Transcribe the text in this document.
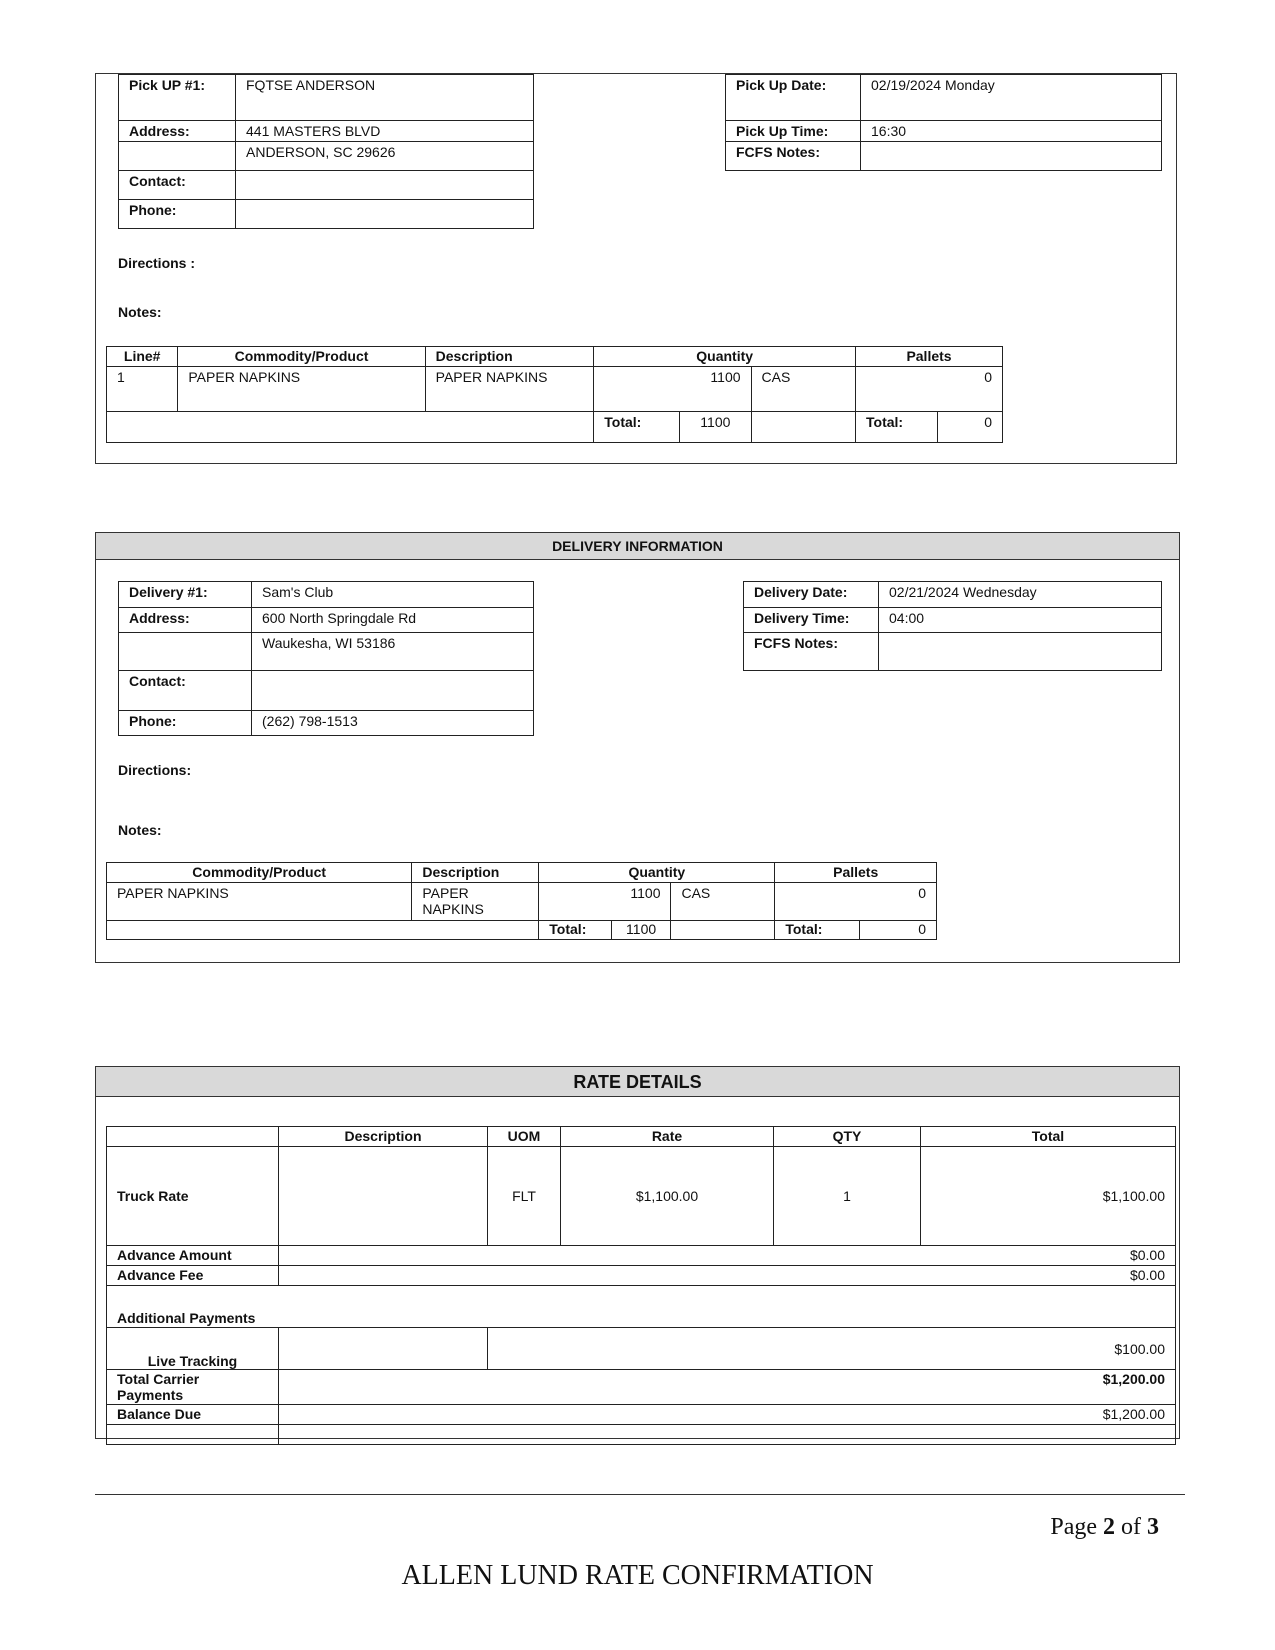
Pick UP #1:	FQTSE ANDERSON
Address:	441 MASTERS BLVD
	ANDERSON, SC 29626
Contact:	
Phone:	
Pick Up Date:	02/19/2024 Monday
Pick Up Time:	16:30
FCFS Notes:	
Directions :
Notes:
Line#	Commodity/Product	Description	Quantity			Pallets	
1	PAPER NAPKINS	PAPER NAPKINS	1100		CAS	0	
			Total:	1100		Total:	0
DELIVERY INFORMATION
Delivery #1:	Sam's Club
Address:	600 North Springdale Rd
	Waukesha, WI 53186
Contact:	
Phone:	(262) 798-1513
Delivery Date:	02/21/2024 Wednesday
Delivery Time:	04:00
FCFS Notes:	
Directions:
Notes:
Commodity/Product	Description	Quantity			Pallets	
PAPER NAPKINS	PAPER NAPKINS	1100		CAS	0	
		Total:	1100		Total:	0
RATE DETAILS
	Description	UOM	Rate	QTY	Total
Truck Rate		FLT	$1,100.00	1	$1,100.00
Advance Amount	$0.00				
Advance Fee	$0.00				
Additional Payments					
Live Tracking		$100.00			
Total Carrier Payments	$1,200.00				
Balance Due	$1,200.00				

Page 2 of 3
ALLEN LUND RATE CONFIRMATION
